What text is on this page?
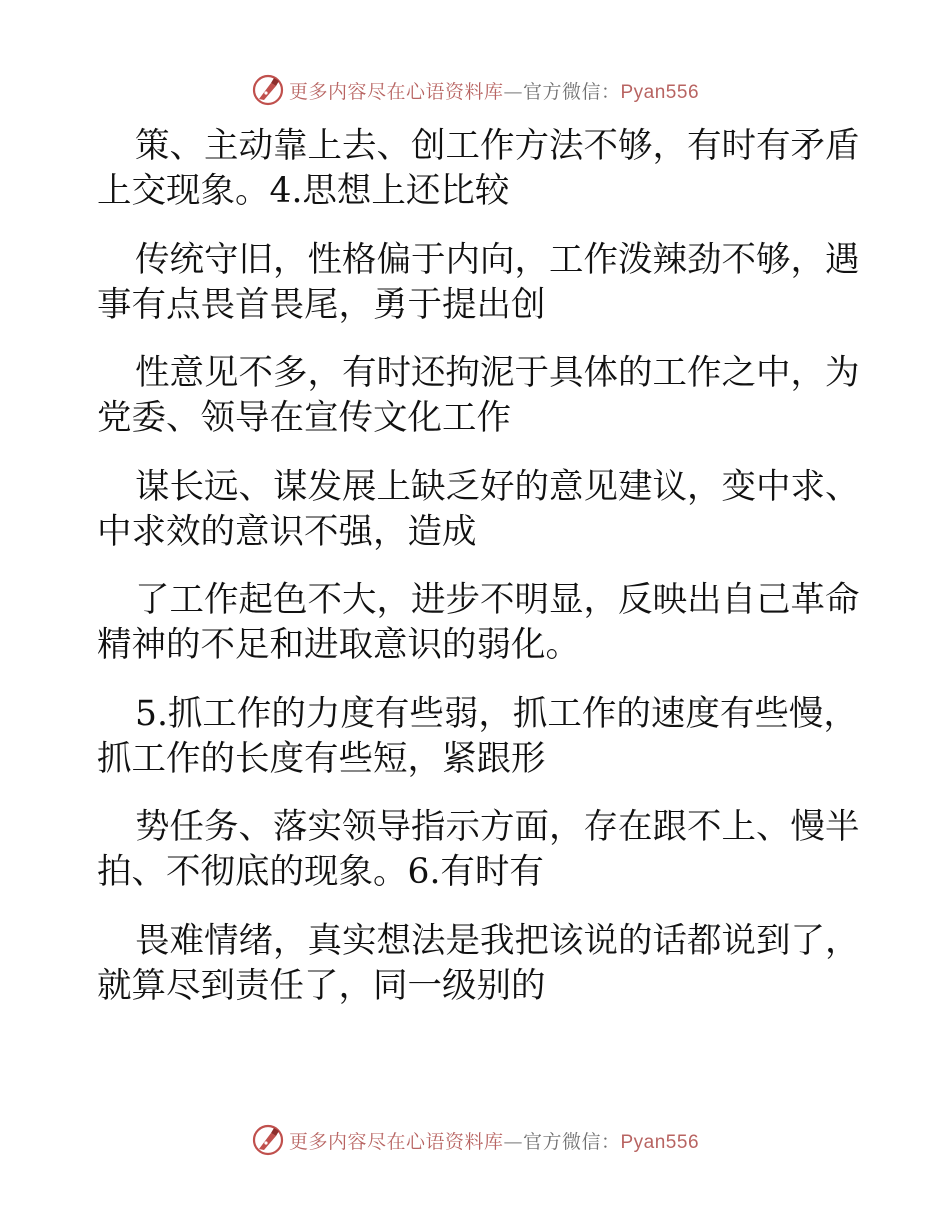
更多内容尽在心语资料库—官方微信：Pyan556

策、主动靠上去、创工作方法不够，有时有矛盾
上交现象。4.思想上还比较

传统守旧，性格偏于内向，工作泼辣劲不够，遇
事有点畏首畏尾，勇于提出创

性意见不多，有时还拘泥于具体的工作之中，为
党委、领导在宣传文化工作

谋长远、谋发展上缺乏好的意见建议，变中求、
中求效的意识不强，造成

了工作起色不大，进步不明显，反映出自己革命
精神的不足和进取意识的弱化。

5.抓工作的力度有些弱，抓工作的速度有些慢，
抓工作的长度有些短，紧跟形

势任务、落实领导指示方面，存在跟不上、慢半
拍、不彻底的现象。6.有时有

畏难情绪，真实想法是我把该说的话都说到了，
就算尽到责任了，同一级别的

更多内容尽在心语资料库—官方微信：Pyan556
